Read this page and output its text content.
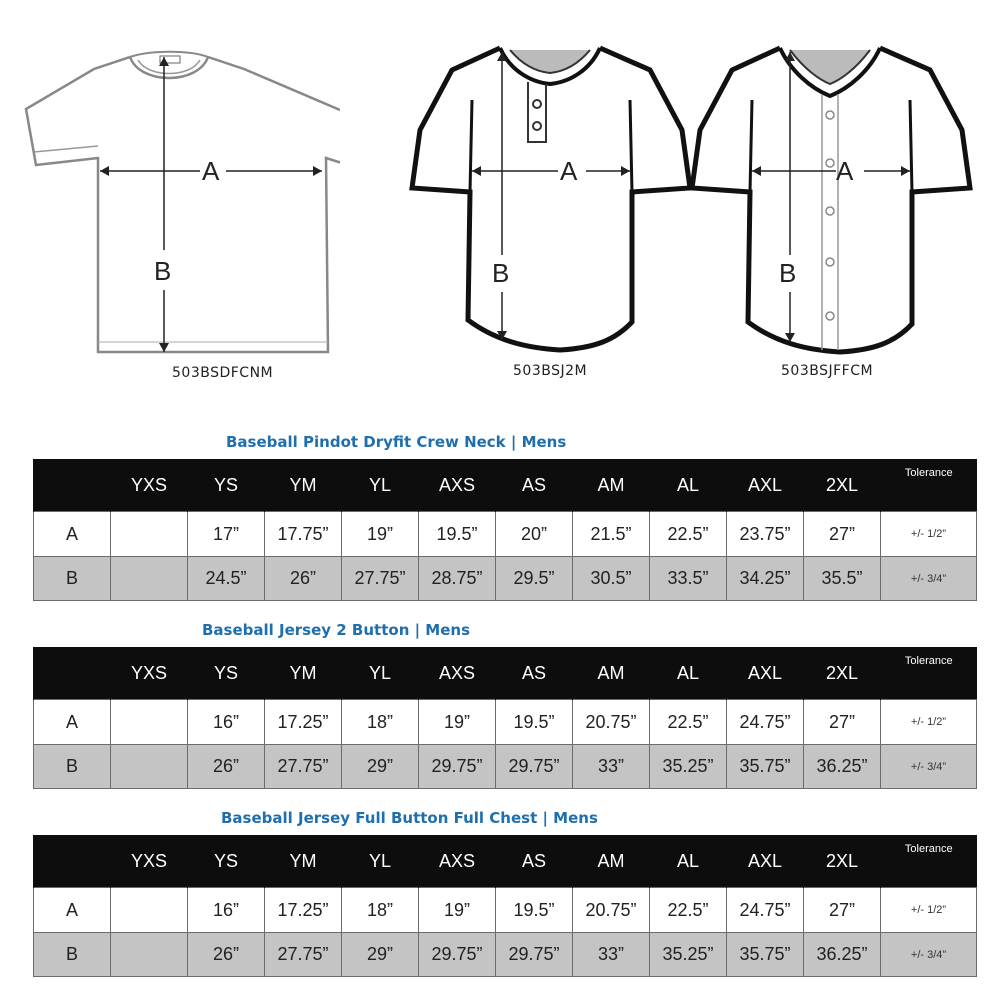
A
B
503BSDFCNM
A
B
503BSJ2M
A
B
503BSJFFCM
Baseball Pindot Dryfit Crew Neck | Mens
	YXS	YS	YM	YL	AXS	AS	AM	AL	AXL	2XL	Tolerance
A		17”	17.75”	19”	19.5”	20”	21.5”	22.5”	23.75”	27”	+/- 1/2”
B		24.5”	26”	27.75”	28.75”	29.5”	30.5”	33.5”	34.25”	35.5”	+/- 3/4”
Baseball Jersey 2 Button | Mens
	YXS	YS	YM	YL	AXS	AS	AM	AL	AXL	2XL	Tolerance
A		16”	17.25”	18”	19”	19.5”	20.75”	22.5”	24.75”	27”	+/- 1/2”
B		26”	27.75”	29”	29.75”	29.75”	33”	35.25”	35.75”	36.25”	+/- 3/4”
Baseball Jersey Full Button Full Chest | Mens
	YXS	YS	YM	YL	AXS	AS	AM	AL	AXL	2XL	Tolerance
A		16”	17.25”	18”	19”	19.5”	20.75”	22.5”	24.75”	27”	+/- 1/2”
B		26”	27.75”	29”	29.75”	29.75”	33”	35.25”	35.75”	36.25”	+/- 3/4”
